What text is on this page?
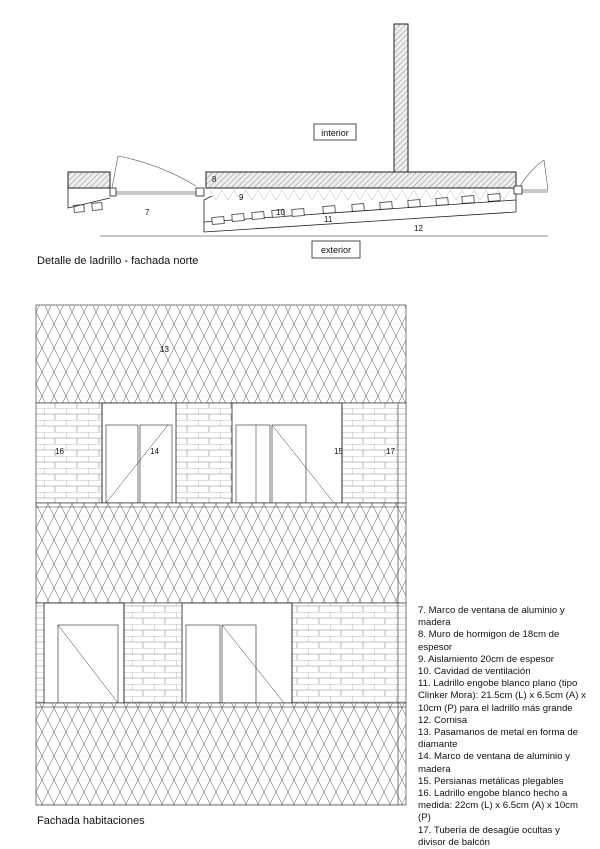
interior
exterior
7
8
9
10
11
12
13
14	15
16	17
Detalle de ladrillo - fachada norte
Fachada habitaciones
7. Marco de ventana de aluminio y madera
8. Muro de hormigon de 18cm de espesor
9. Aislamiento 20cm de espesor
10. Cavidad de ventilación
11. Ladrillo engobe blanco plano (tipo Clinker Mora): 21.5cm (L) x 6.5cm (A) x 10cm (P) para el ladrillo más grande
12. Cornisa
13. Pasamanos de metal en forma de diamante
14. Marco de ventana de aluminio y madera
15. Persianas metálicas plegables
16. Ladrillo engobe blanco hecho a medida: 22cm (L) x 6.5cm (A) x 10cm (P)
17. Tubería de desagüe ocultas y divisor de balcón
